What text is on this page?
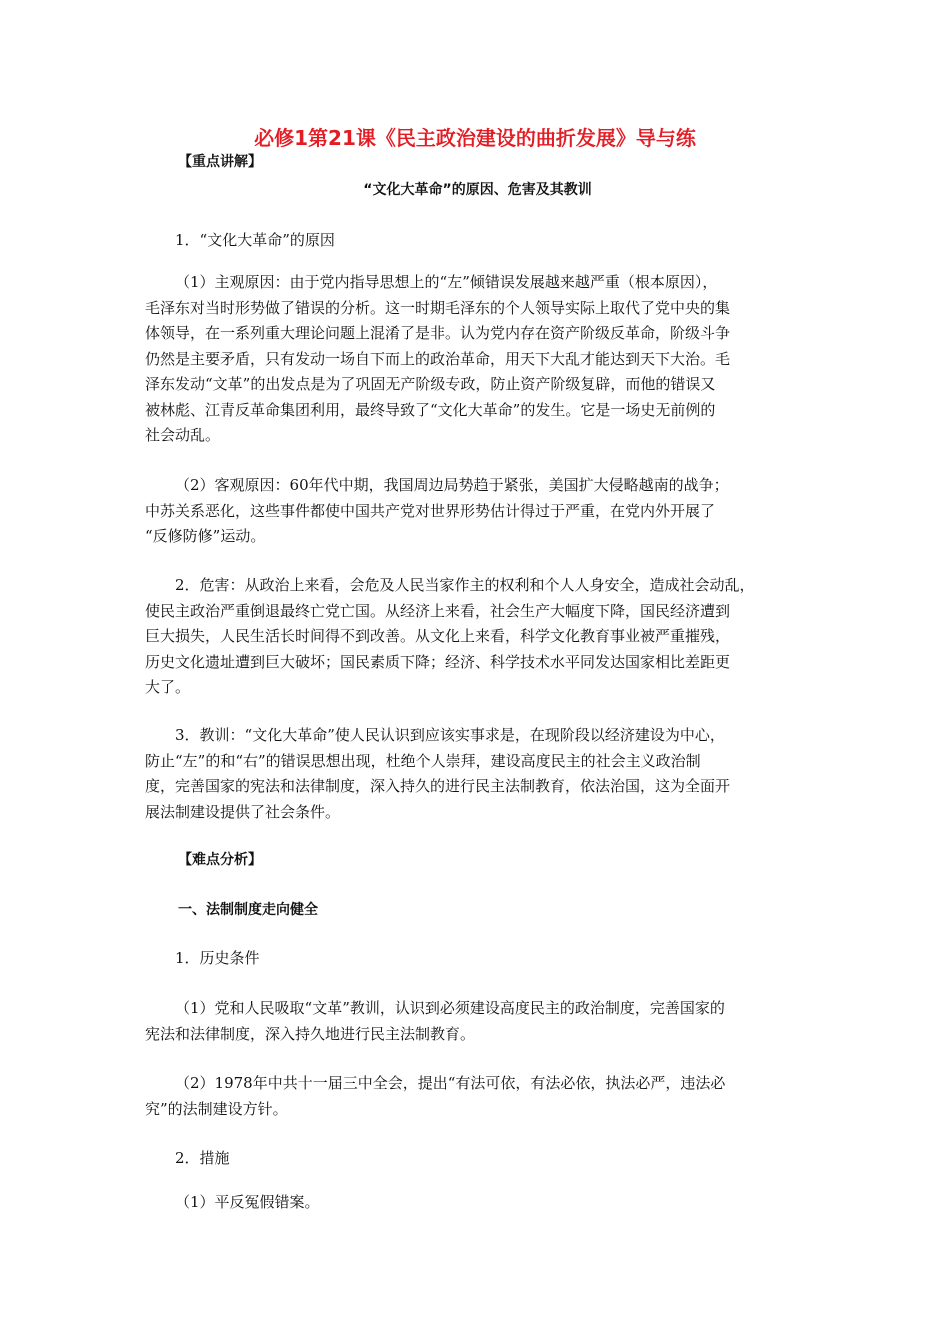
必修1第21课《民主政治建设的曲折发展》导与练
【重点讲解】
“文化大革命”的原因、危害及其教训
1．“文化大革命”的原因
（1）主观原因：由于党内指导思想上的“左”倾错误发展越来越严重（根本原因），
毛泽东对当时形势做了错误的分析。这一时期毛泽东的个人领导实际上取代了党中央的集
体领导，在一系列重大理论问题上混淆了是非。认为党内存在资产阶级反革命，阶级斗争
仍然是主要矛盾，只有发动一场自下而上的政治革命，用天下大乱才能达到天下大治。毛
泽东发动“文革”的出发点是为了巩固无产阶级专政，防止资产阶级复辟，而他的错误又
被林彪、江青反革命集团利用，最终导致了“文化大革命”的发生。它是一场史无前例的
社会动乱。
（2）客观原因：60年代中期，我国周边局势趋于紧张，美国扩大侵略越南的战争；
中苏关系恶化，这些事件都使中国共产党对世界形势估计得过于严重，在党内外开展了
“反修防修”运动。
2．危害：从政治上来看，会危及人民当家作主的权利和个人人身安全，造成社会动乱，
使民主政治严重倒退最终亡党亡国。从经济上来看，社会生产大幅度下降，国民经济遭到
巨大损失，人民生活长时间得不到改善。从文化上来看，科学文化教育事业被严重摧残，
历史文化遗址遭到巨大破坏；国民素质下降；经济、科学技术水平同发达国家相比差距更
大了。
3．教训：“文化大革命”使人民认识到应该实事求是，在现阶段以经济建设为中心，
防止“左”的和“右”的错误思想出现，杜绝个人崇拜，建设高度民主的社会主义政治制
度，完善国家的宪法和法律制度，深入持久的进行民主法制教育，依法治国，这为全面开
展法制建设提供了社会条件。
【难点分析】
一、法制制度走向健全
1．历史条件
（1）党和人民吸取“文革”教训，认识到必须建设高度民主的政治制度，完善国家的
宪法和法律制度，深入持久地进行民主法制教育。
（2）1978年中共十一届三中全会，提出“有法可依，有法必依，执法必严，违法必
究”的法制建设方针。
2．措施
（1）平反冤假错案。
